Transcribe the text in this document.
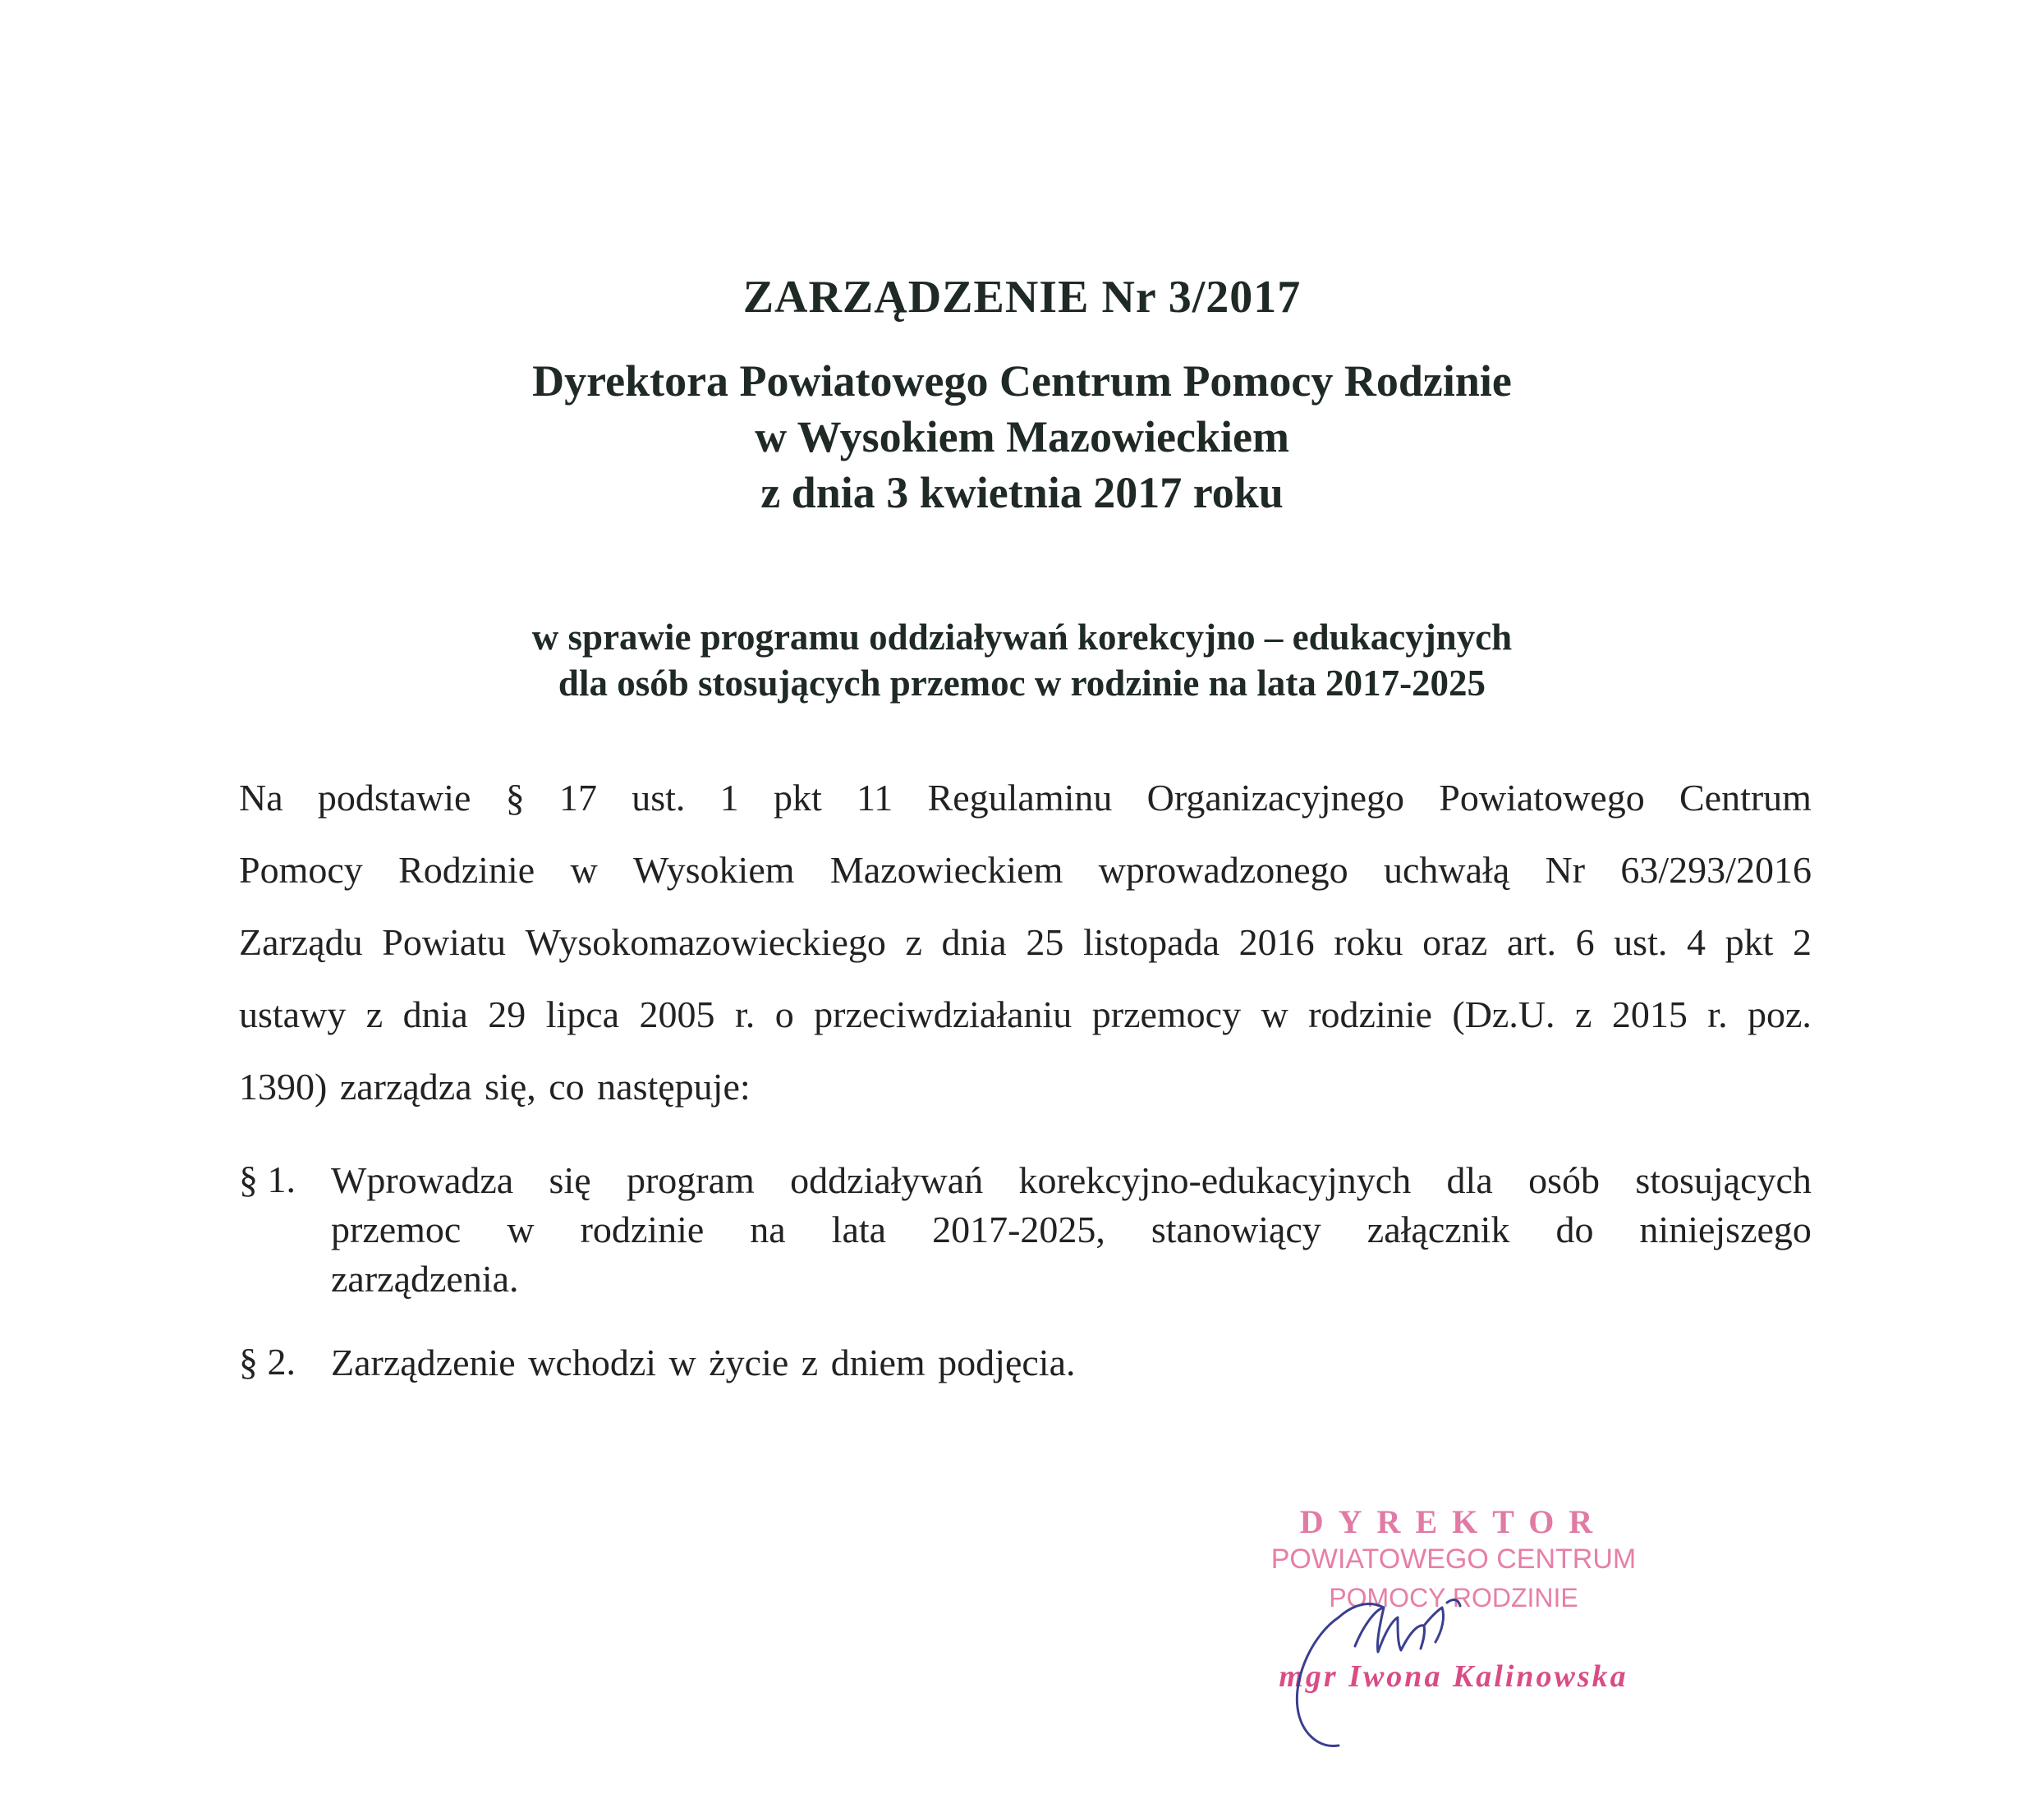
ZARZĄDZENIE Nr 3/2017
Dyrektora Powiatowego Centrum Pomocy Rodzinie
w Wysokiem Mazowieckiem
z dnia 3 kwietnia 2017 roku
w sprawie programu oddziaływań korekcyjno – edukacyjnych
dla osób stosujących przemoc w rodzinie na lata 2017-2025
Na podstawie § 17 ust. 1 pkt 11 Regulaminu Organizacyjnego Powiatowego Centrum
Pomocy Rodzinie w Wysokiem Mazowieckiem wprowadzonego uchwałą Nr 63/293/2016
Zarządu Powiatu Wysokomazowieckiego z dnia 25 listopada 2016 roku oraz art. 6 ust. 4 pkt 2
ustawy z dnia 29 lipca 2005 r. o przeciwdziałaniu przemocy w rodzinie (Dz.U. z 2015 r. poz.
1390) zarządza się, co następuje:
§ 1. Wprowadza się program oddziaływań korekcyjno-edukacyjnych dla osób stosujących
przemoc w rodzinie na lata 2017-2025, stanowiący załącznik do niniejszego
zarządzenia.
§ 2. Zarządzenie wchodzi w życie z dniem podjęcia.
DYREKTOR
POWIATOWEGO CENTRUM
POMOCY RODZINIE
mgr Iwona Kalinowska
